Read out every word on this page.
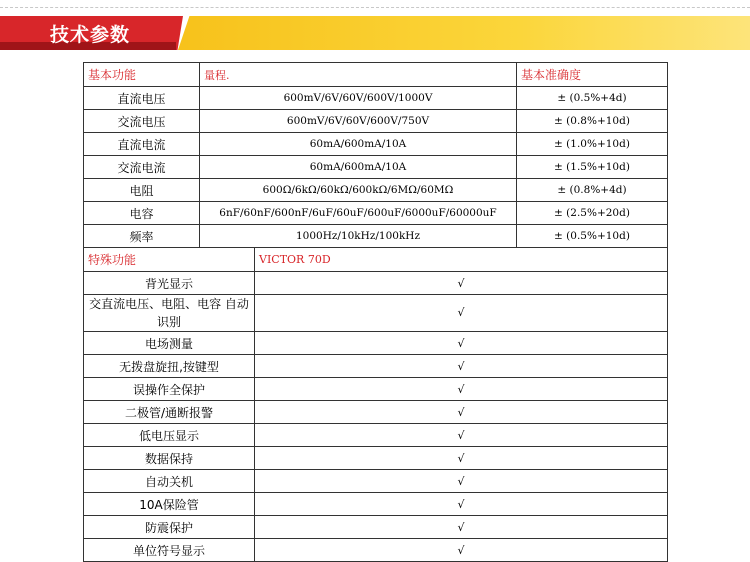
技术参数
基本功能	量程.		基本准确度
直流电压	600mV/6V/60V/600V/1000V		± (0.5%+4d)
交流电压	600mV/6V/60V/600V/750V		± (0.8%+10d)
直流电流	60mA/600mA/10A		± (1.0%+10d)
交流电流	60mA/600mA/10A		± (1.5%+10d)
电阻	600Ω/6kΩ/60kΩ/600kΩ/6MΩ/60MΩ		± (0.8%+4d)
电容	6nF/60nF/600nF/6uF/60uF/600uF/6000uF/60000uF		± (2.5%+20d)
频率	1000Hz/10kHz/100kHz		± (0.5%+10d)
特殊功能		VICTOR 70D	
背光显示		√	
交直流电压、电阻、电容 自动识别		√	
电场测量		√	
无拨盘旋扭,按键型		√	
误操作全保护		√	
二极管/通断报警		√	
低电压显示		√	
数据保持		√	
自动关机		√	
10A保险管		√	
防震保护		√	
单位符号显示		√	
